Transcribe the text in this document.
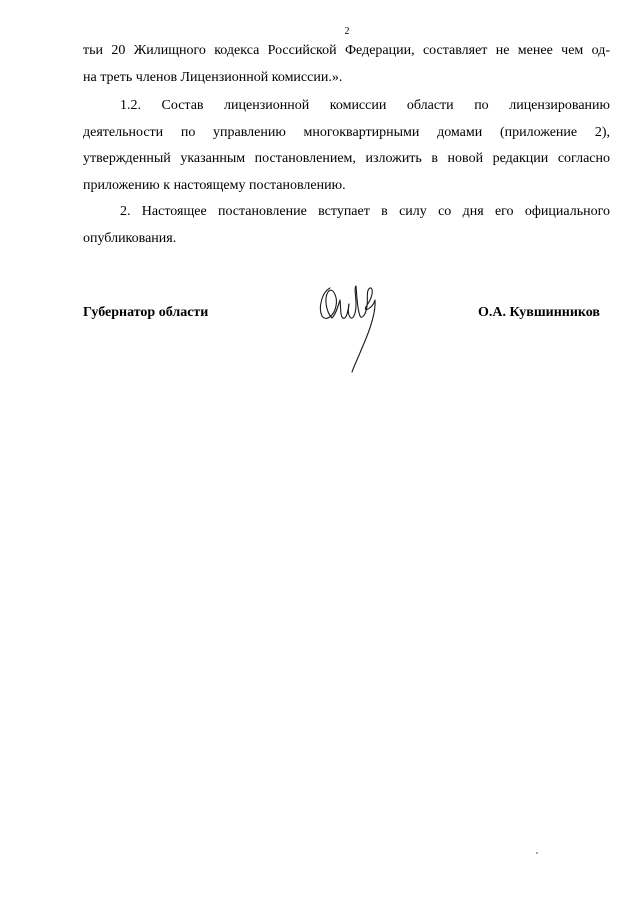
2
тьи 20 Жилищного кодекса Российской Федерации, составляет не менее чем од-
на треть членов Лицензионной комиссии.».
1.2. Состав лицензионной комиссии области по лицензированию
деятельности по управлению многоквартирными домами (приложение 2),
утвержденный указанным постановлением, изложить в новой редакции согласно
приложению к настоящему постановлению.
2. Настоящее постановление вступает в силу со дня его официального
опубликования.
Губернатор области	О.А. Кувшинников
